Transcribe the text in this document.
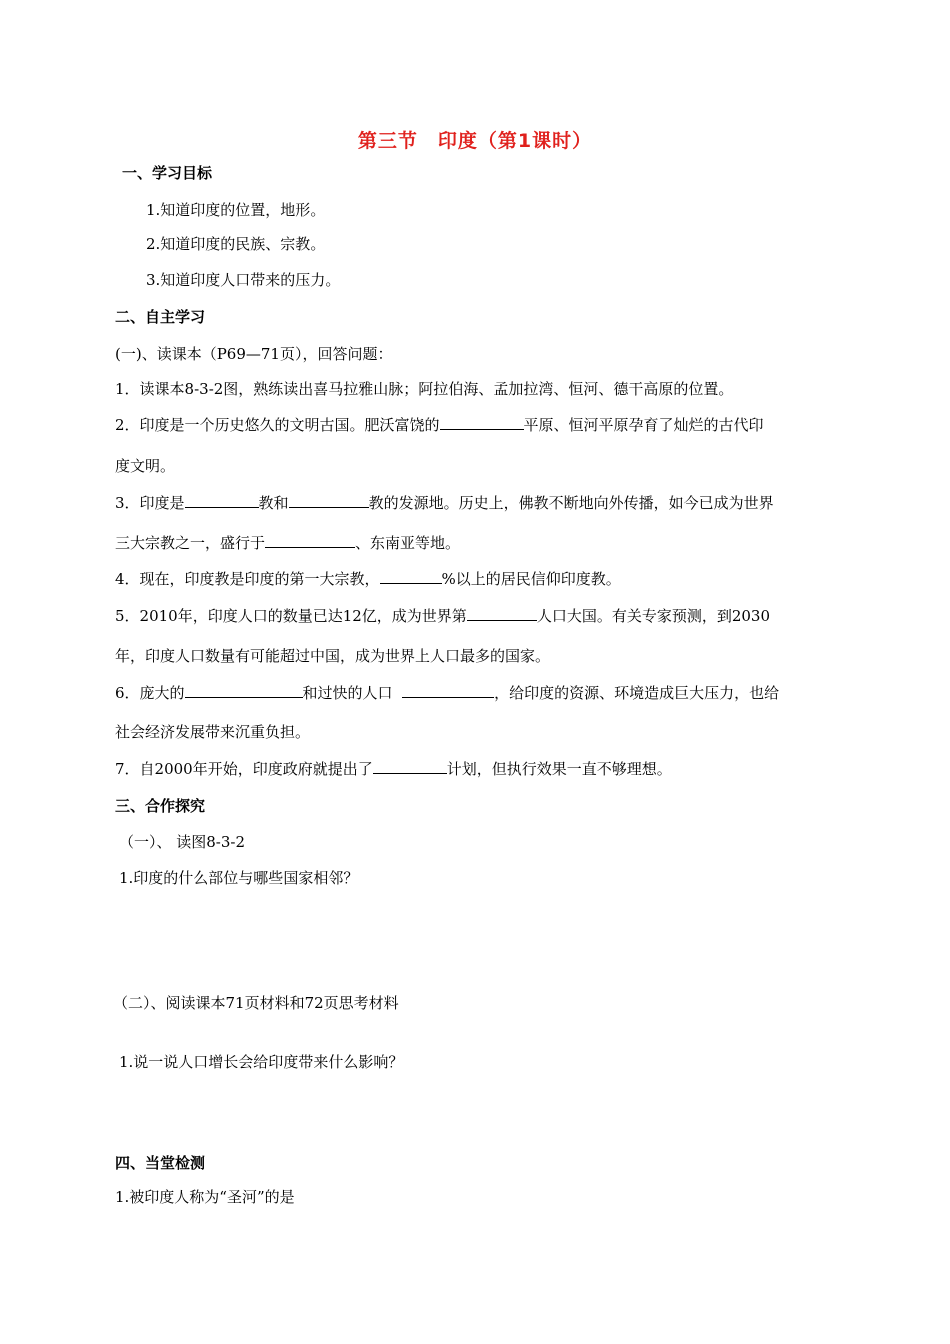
第三节　印度（第1课时）
一、学习目标
1.知道印度的位置，地形。
2.知道印度的民族、宗教。
3.知道印度人口带来的压力。
二、自主学习
(一)、读课本（P69—71页），回答问题：
1．读课本8-3-2图，熟练读出喜马拉雅山脉；阿拉伯海、孟加拉湾、恒河、德干高原的位置。
2．印度是一个历史悠久的文明古国。肥沃富饶的	平原、恒河平原孕育了灿烂的古代印
度文明。
3．印度是	教和	教的发源地。历史上，佛教不断地向外传播，如今已成为世界
三大宗教之一，盛行于	、东南亚等地。
4．现在，印度教是印度的第一大宗教，	%以上的居民信仰印度教。
5．2010年，印度人口的数量已达12亿，成为世界第	人口大国。有关专家预测，到2030
年，印度人口数量有可能超过中国，成为世界上人口最多的国家。
6．庞大的	和过快的人口	，给印度的资源、环境造成巨大压力，也给
社会经济发展带来沉重负担。
7．自2000年开始，印度政府就提出了	计划，但执行效果一直不够理想。
三、合作探究
（一）、 读图8-3-2
1.印度的什么部位与哪些国家相邻？
（二）、阅读课本71页材料和72页思考材料
1.说一说人口增长会给印度带来什么影响？
四、当堂检测
1.被印度人称为“圣河”的是
